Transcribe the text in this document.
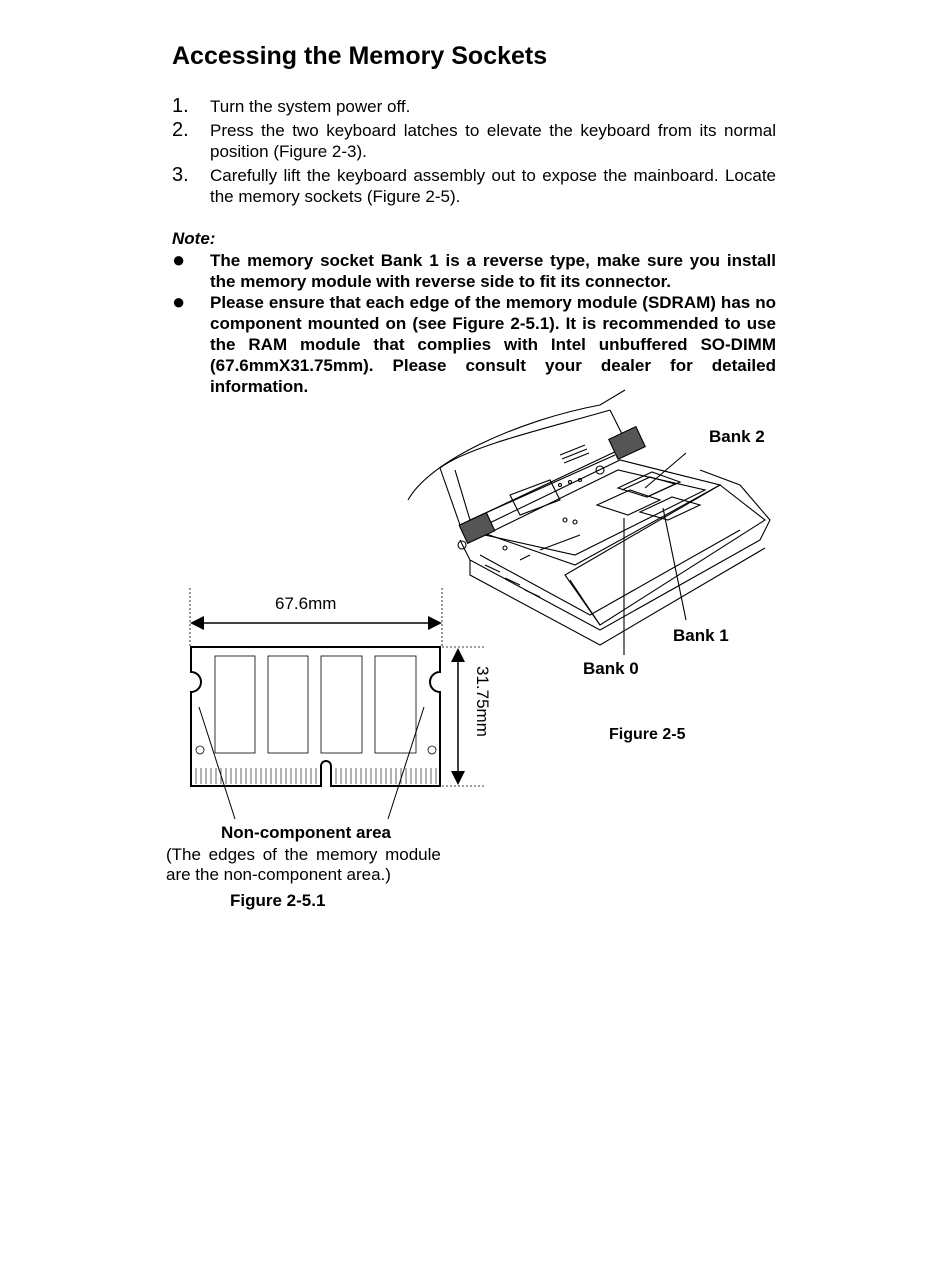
Accessing the Memory Sockets
1.	Turn the system power off.
2.	Press the two keyboard latches to elevate the keyboard from its normal position (Figure 2-3).
3.	Carefully lift the keyboard assembly out to expose the mainboard. Locate the memory sockets (Figure 2-5).
Note:
●	The memory socket Bank 1 is a reverse type, make sure you install the memory module with reverse side to fit its connector.
●	Please ensure that each edge of the memory module (SDRAM) has no component mounted on (see Figure 2-5.1). It is recommended to use the RAM module that complies with Intel unbuffered SO-DIMM (67.6mmX31.75mm). Please consult your dealer for detailed information.
Bank 2
Bank 1
Bank 0
Figure 2-5
67.6mm
31.75mm
Non-component area
(The edges of the memory module
are the non-component area.)
Figure 2-5.1
